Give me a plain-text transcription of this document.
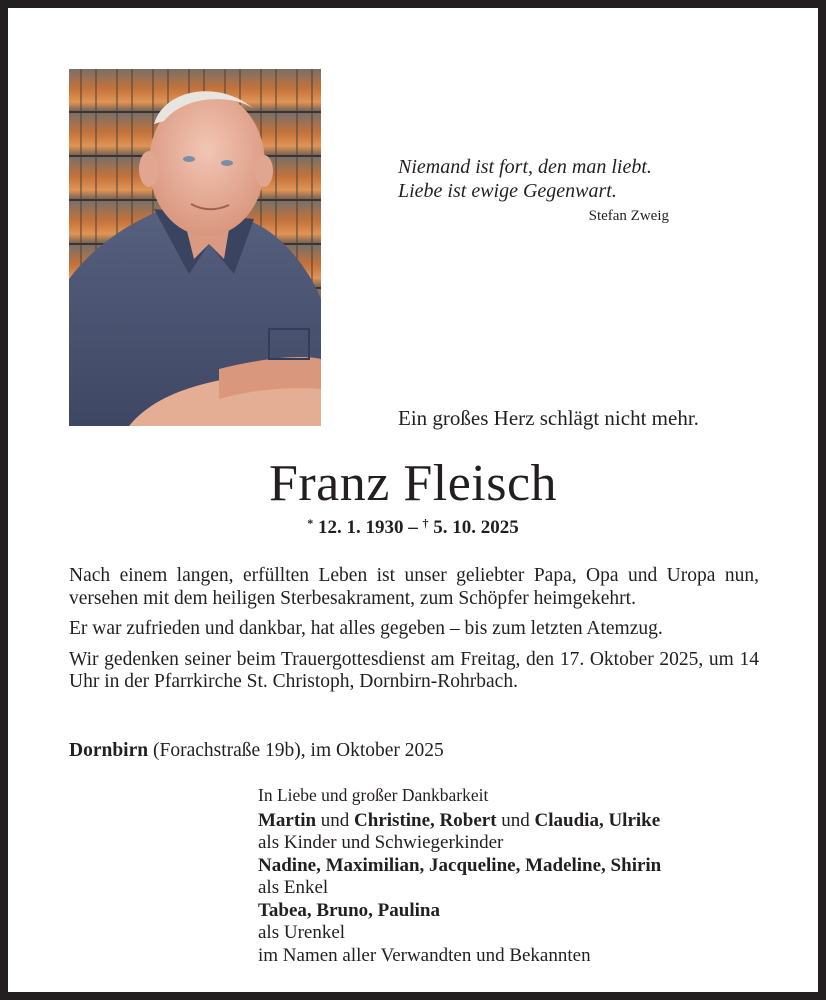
Niemand ist fort, den man liebt.
Liebe ist ewige Gegenwart.
Stefan Zweig
Ein großes Herz schlägt nicht mehr.
Franz Fleisch
* 12. 1. 1930 – † 5. 10. 2025

Nach einem langen, erfüllten Leben ist unser geliebter Papa, Opa und Uropa nun, versehen mit dem heiligen Sterbesakrament, zum Schöpfer heimgekehrt.

Er war zufrieden und dankbar, hat alles gegeben – bis zum letzten Atemzug.

Wir gedenken seiner beim Trauergottesdienst am Freitag, den 17. Oktober 2025, um 14 Uhr in der Pfarrkirche St. Christoph, Dornbirn-Rohrbach.

Dornbirn (Forachstraße 19b), im Oktober 2025
In Liebe und großer Dankbarkeit
Martin und Christine, Robert und Claudia, Ulrike
als Kinder und Schwiegerkinder
Nadine, Maximilian, Jacqueline, Madeline, Shirin
als Enkel
Tabea, Bruno, Paulina
als Urenkel
im Namen aller Verwandten und Bekannten
